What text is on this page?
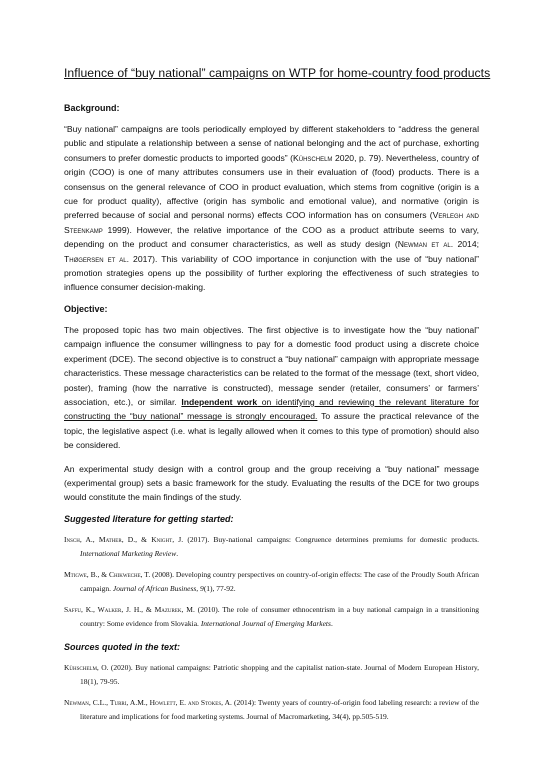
Influence of “buy national” campaigns on WTP for home-country food products
Background:
“Buy national” campaigns are tools periodically employed by different stakeholders to “address the general public and stipulate a relationship between a sense of national belonging and the act of purchase, exhorting consumers to prefer domestic products to imported goods” (Kühschelm 2020, p. 79). Nevertheless, country of origin (COO) is one of many attributes consumers use in their evaluation of (food) products. There is a consensus on the general relevance of COO in product evaluation, which stems from cognitive (origin is a cue for product quality), affective (origin has symbolic and emotional value), and normative (origin is preferred because of social and personal norms) effects COO information has on consumers (Verlegh and Steenkamp 1999). However, the relative importance of the COO as a product attribute seems to vary, depending on the product and consumer characteristics, as well as study design (Newman et al. 2014; Thøgersen et al. 2017). This variability of COO importance in conjunction with the use of “buy national” promotion strategies opens up the possibility of further exploring the effectiveness of such strategies to influence consumer decision-making.
Objective:
The proposed topic has two main objectives. The first objective is to investigate how the “buy national” campaign influence the consumer willingness to pay for a domestic food product using a discrete choice experiment (DCE). The second objective is to construct a “buy national” campaign with appropriate message characteristics. These message characteristics can be related to the format of the message (text, short video, poster), framing (how the narrative is constructed), message sender (retailer, consumers’ or farmers’ association, etc.), or similar. Independent work on identifying and reviewing the relevant literature for constructing the “buy national” message is strongly encouraged. To assure the practical relevance of the topic, the legislative aspect (i.e. what is legally allowed when it comes to this type of promotion) should also be considered.
An experimental study design with a control group and the group receiving a “buy national” message (experimental group) sets a basic framework for the study. Evaluating the results of the DCE for two groups would constitute the main findings of the study.
Suggested literature for getting started:
Insch, A., Mather, D., & Knight, J. (2017). Buy-national campaigns: Congruence determines premiums for domestic products. International Marketing Review.
Mtigwe, B., & Chikweche, T. (2008). Developing country perspectives on country-of-origin effects: The case of the Proudly South African campaign. Journal of African Business, 9(1), 77-92.
Saffu, K., Walker, J. H., & Mazurek, M. (2010). The role of consumer ethnocentrism in a buy national campaign in a transitioning country: Some evidence from Slovakia. International Journal of Emerging Markets.
Sources quoted in the text:
Kühschelm, O. (2020). Buy national campaigns: Patriotic shopping and the capitalist nation-state. Journal of Modern European History, 18(1), 79-95.
Newman, C.L., Turri, A.M., Howlett, E. and Stokes, A. (2014): Twenty years of country-of-origin food labeling research: a review of the literature and implications for food marketing systems. Journal of Macromarketing, 34(4), pp.505-519.
